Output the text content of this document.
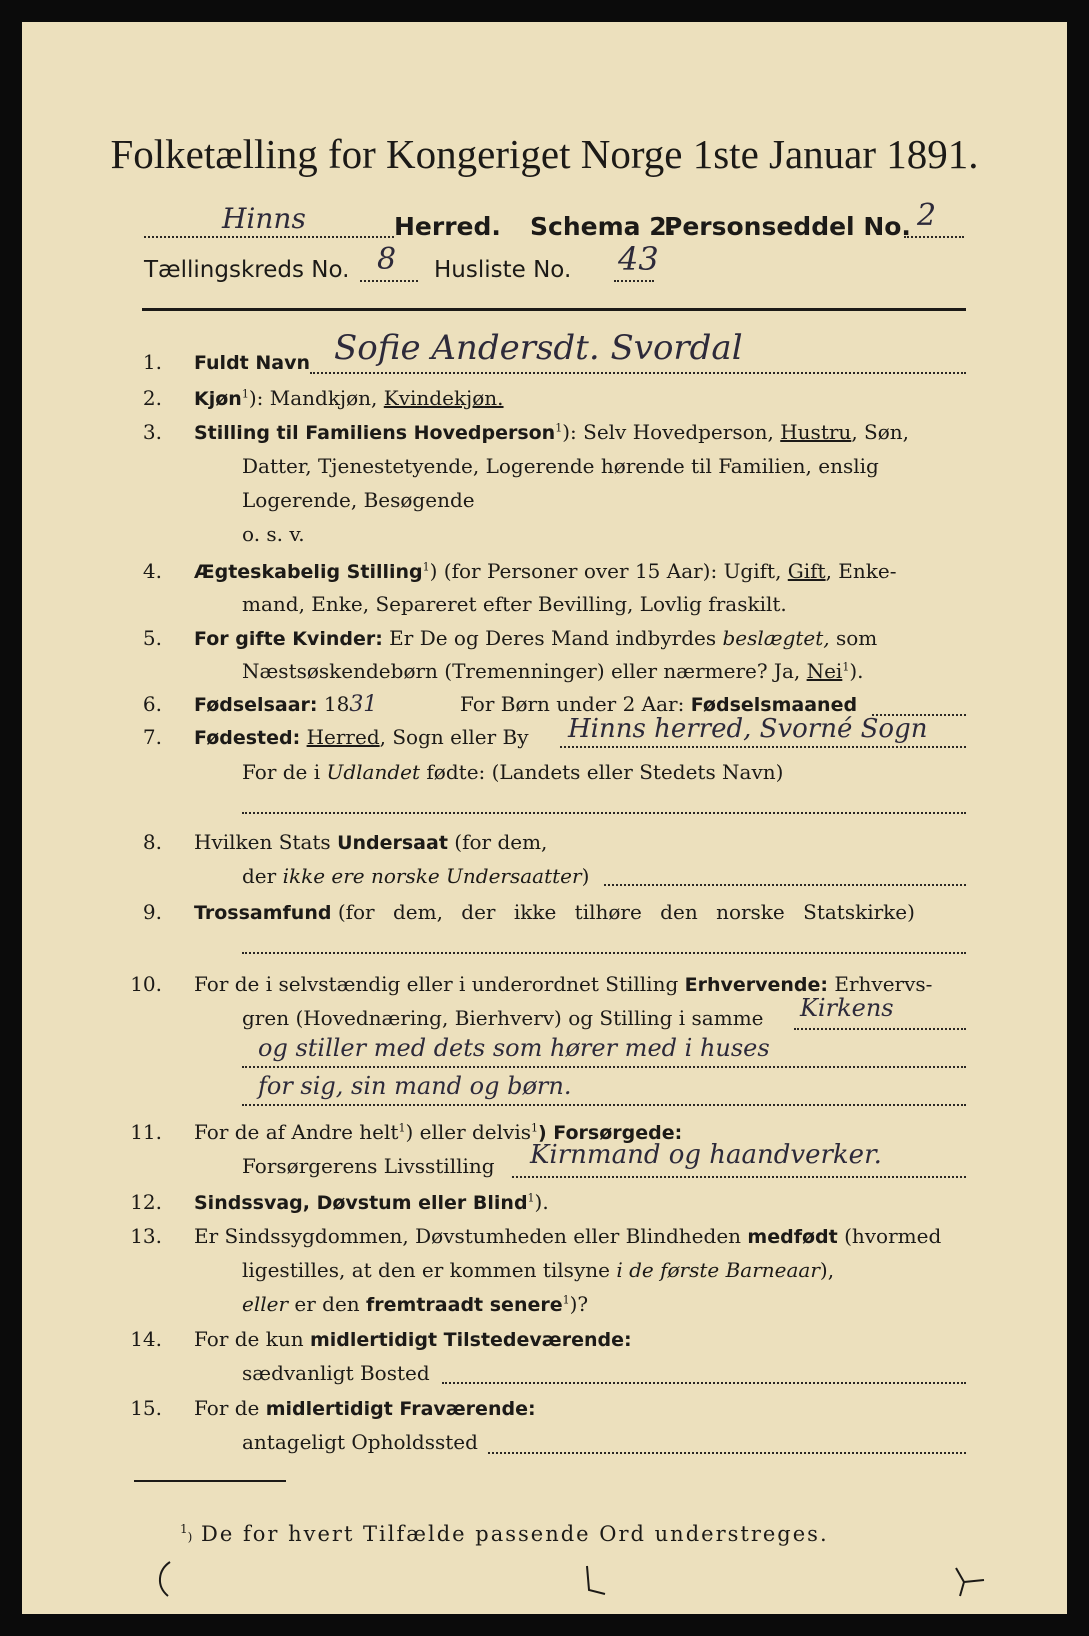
Folketælling for Kongeriget Norge 1ste Januar 1891.
Hinns	Herred. Schema 2.
Personseddel No. 2
Tællingskreds No. 8 Husliste No. 43
1. Fuldt Navn Sofie Andersdt. Svordal
2. Kjøn$^1$): Mandkjøn, Kvindekjøn.
3. Stilling til Familiens Hovedperson$^1$): Selv Hovedperson, Hustru, Søn,
Datter, Tjenestetyende, Logerende hørende til Familien, enslig
Logerende, Besøgende
o. s. v.
4. Ægteskabelig Stilling$^1$) (for Personer over 15 Aar): Ugift, Gift, Enke-
mand, Enke, Separeret efter Bevilling, Lovlig fraskilt.
5. For gifte Kvinder: Er De og Deres Mand indbyrdes beslægtet, som
Næstsøskendebørn (Tremenninger) eller nærmere? Ja, Nei$^1$).
6. Fødselsaar: 1831	For Børn under 2 Aar: Fødselsmaaned
7. Fødested: Herred, Sogn eller By Hinns herred, Svorné Sogn
For de i Udlandet fødte: (Landets eller Stedets Navn)
8. Hvilken Stats Undersaat (for dem,
der ikke ere norske Undersaatter)
9. Trossamfund (for dem, der ikke tilhøre den norske Statskirke)
10. For de i selvstændig eller i underordnet Stilling Erhvervende: Erhvervs-
gren (Hovednæring, Bierhverv) og Stilling i samme Kirkens
og stiller med dets som hører med i huses
for sig, sin mand og børn.
11. For de af Andre helt$^1$) eller delvis$^1$) Forsørgede:
Forsørgerens Livsstilling Kirnmand og haandverker.
12. Sindssvag, Døvstum eller Blind$^1$).
13. Er Sindssygdommen, Døvstumheden eller Blindheden medfødt (hvormed
ligestilles, at den er kommen tilsyne i de første Barneaar),
eller er den fremtraadt senere$^1$)?
14. For de kun midlertidigt Tilstedeværende:
sædvanligt Bosted
15. For de midlertidigt Fraværende:
antageligt Opholdssted
$^1$) De for hvert Tilfælde passende Ord understreges.
